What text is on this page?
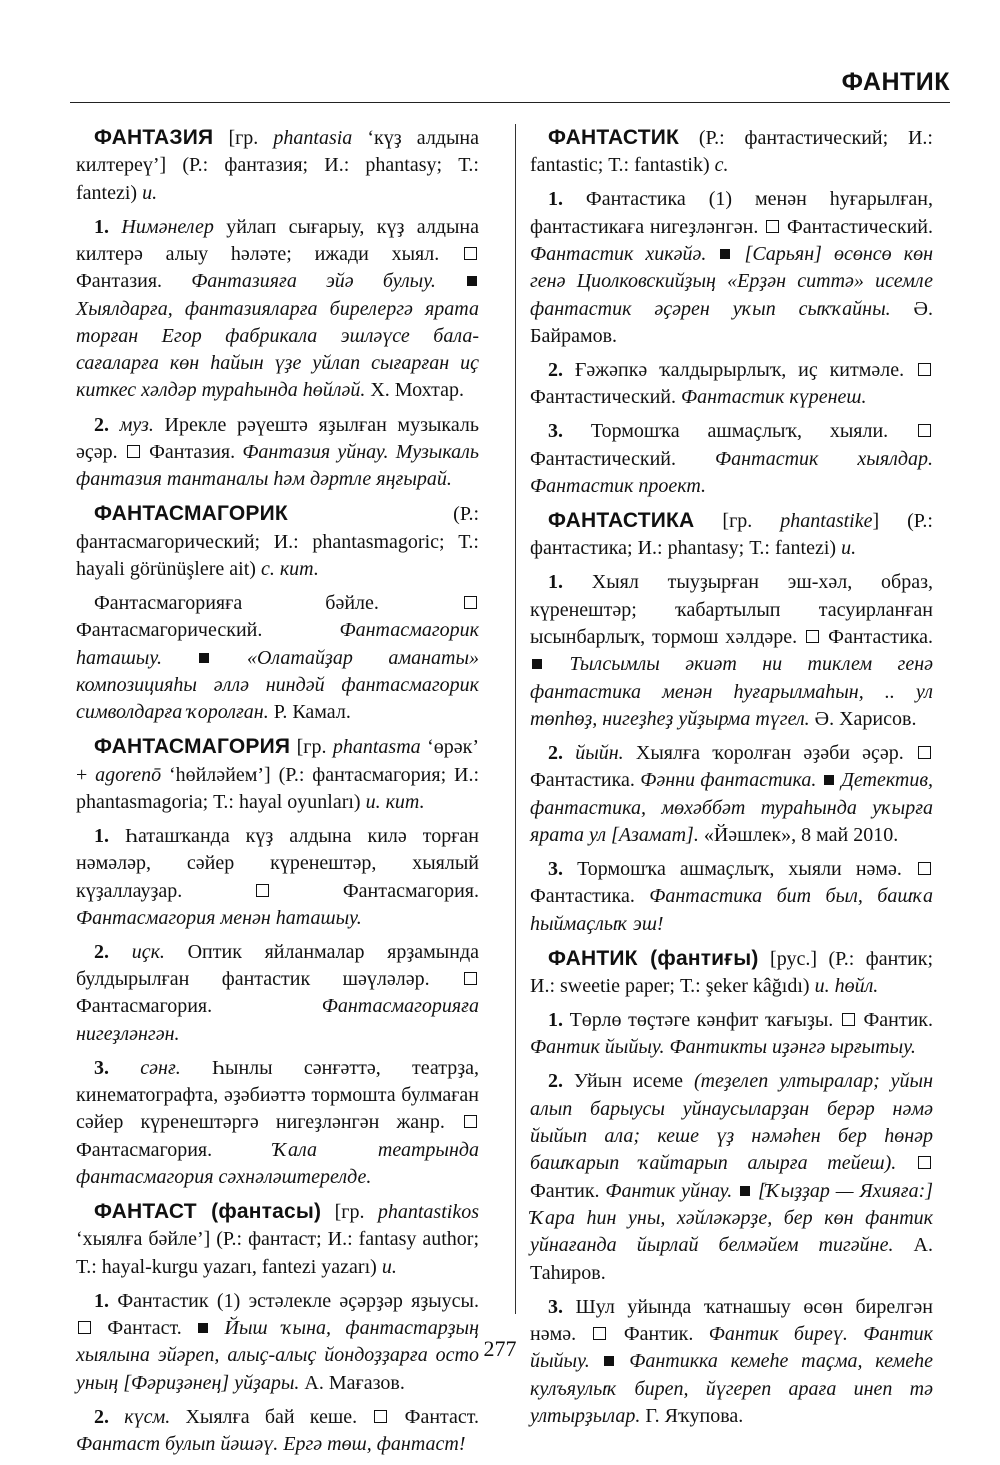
ФАНТИК

ФАНТАЗИЯ [гр. phantasia ‘күҙ алдына килтереү’] (Р.: фантазия; И.: phantasy; Т.: fantezi) и.

1. Нимәнелер уйлап сығарыу, күҙ алдына килтерә алыу һәләте; ижади хыял.  Фантазия. Фантазияға эйә булыу.  Хыялдарға, фантазияларға бирелергә ярата торған Егор фабрикала эшләүсе бала-сағаларға көн һайын үҙе уйлап сығарған иҫ киткес хәлдәр тураһында һөйләй. Х. Мохтар.

2. муз. Ирекле рәүештә яҙылған музыкаль әҫәр.  Фантазия. Фантазия уйнау. Музыкаль фантазия тантаналы һәм дәртле яңғырай.

ФАНТАСМАГОРИК (Р.: фантасмагорический; И.: phantasmagoric; Т.: hayali görünüşlere ait) с. кит.

Фантасмагорияға бәйле.  Фантасмагорический. Фантасмагорик һаташыу.	«Олатайҙар аманаты» композицияһы әллә ниндәй фантасмагорик символдарға ҡоролған. Р. Камал.

ФАНТАСМАГОРИЯ [гр. phantasma ‘өрәк’ + agorenō ‘һөйләйем’] (Р.: фантасмагория; И.: phantasmagoria; Т.: hayal oyunları) и. кит.

1. Һаташҡанда күҙ алдына килә торған нәмәләр, сәйер күренештәр, хыялый күҙаллауҙар.	Фантасмагория. Фантасмагория менән һаташыу.

2. иҫк. Оптик яйланмалар ярҙамында булдырылған фантастик шәүләләр.  Фантасмагория. Фантасмагорияға нигеҙләнгән.

3. сәнғ. Һынлы сәнғәттә, театрҙа, кинематографта, әҙәбиәттә тормошта булмаған сәйер күренештәргә нигеҙләнгән жанр.  Фантасмагория. Ҡала театрында фантасмагория сәхнәләштерелде.

ФАНТАСТ (фантасы) [гр. phantastikos ‘хыялға бәйле’] (Р.: фантаст; И.: fantasy author; Т.: hayal-kurgu yazarı, fantezi yazarı) и.

1. Фантастик (1) эстәлекле әҫәрҙәр яҙыусы.  Фантаст.  Йыш ҡына, фантастарҙың хыялына эйәреп, алыҫ-алыҫ йондоҙҙарға осто уның [Фәриҙәнең] уйҙары. А. Мағазов.

2. күсм. Хыялға бай кеше.  Фантаст. Фантаст булып йәшәү. Ергә төш, фантаст!

ФАНТАСТИК (Р.: фантастический; И.: fantastic; Т.: fantastik) с.

1. Фантастика (1) менән һуғарылған, фантастикаға нигеҙләнгән.  Фантастический. Фантастик хикәйә. [Сарьян] өсөнсө көн генә Циолковскийҙың «Ерҙән ситтә» исемле фантастик әҫәрен уҡып сыҡҡайны. Ә. Байрамов.

2. Ғәжәпкә ҡалдырырлыҡ, иҫ китмәле.  Фантастический. Фантастик күренеш.

3. Тормошҡа ашмаҫлыҡ, хыяли.  Фантастический. Фантастик хыялдар. Фантастик проект.

ФАНТАСТИКА [гр. phantastike] (Р.: фантастика; И.: phantasy; Т.: fantezi) и.

1. Хыял тыуҙырған эш-хәл, образ, күренештәр; ҡабартылып тасуирланған ысынбарлыҡ, тормош хәлдәре.  Фантастика.  Тылсымлы әкиәт ни тиклем генә фантастика менән һуғарылмаһын, .. ул төпһөҙ, нигеҙһеҙ уйҙырма түгел. Ә. Харисов.

2. йыйн. Хыялға ҡоролған әҙәби әҫәр.  Фантастика. Фәнни фантастика. Детектив, фантастика, мөхәббәт тураһында уҡырға ярата ул [Азамат]. «Йәшлек», 8 май 2010.

3. Тормошҡа ашмаҫлыҡ, хыяли нәмә.  Фантастика. Фантастика бит был, башҡа һыймаҫлыҡ эш!

ФАНТИК (фантиғы) [рус.] (Р.: фантик; И.: sweetie paper; Т.: şeker kâğıdı) и. һөйл.

1. Төрлө төҫтәге кәнфит ҡағыҙы.  Фантик. Фантик йыйыу. Фантикты иҙәнгә ырғытыу.

2. Уйын исеме (теҙелеп ултыралар; уйын алып барыусы уйнаусыларҙан берәр нәмә йыйып ала; кеше үҙ нәмәһен бер һөнәр башҡарып ҡайтарып алырға тейеш).  Фантик. Фантик уйнау. [Ҡыҙҙар — Яхияға:] Ҡара һин уны, хәйләкәрҙе, бер көн фантик уйнағанда йырлай белмәйем тигәйне. А. Таһиров.

3. Шул уйында ҡатнашыу өсөн бирелгән нәмә.  Фантик. Фантик биреү. Фантик йыйыу. Фантикка кемеһе таҫма, кемеһе кулъяулыҡ биреп, йүгереп араға инеп тә ултырҙылар. Г. Яҡупова.

277
